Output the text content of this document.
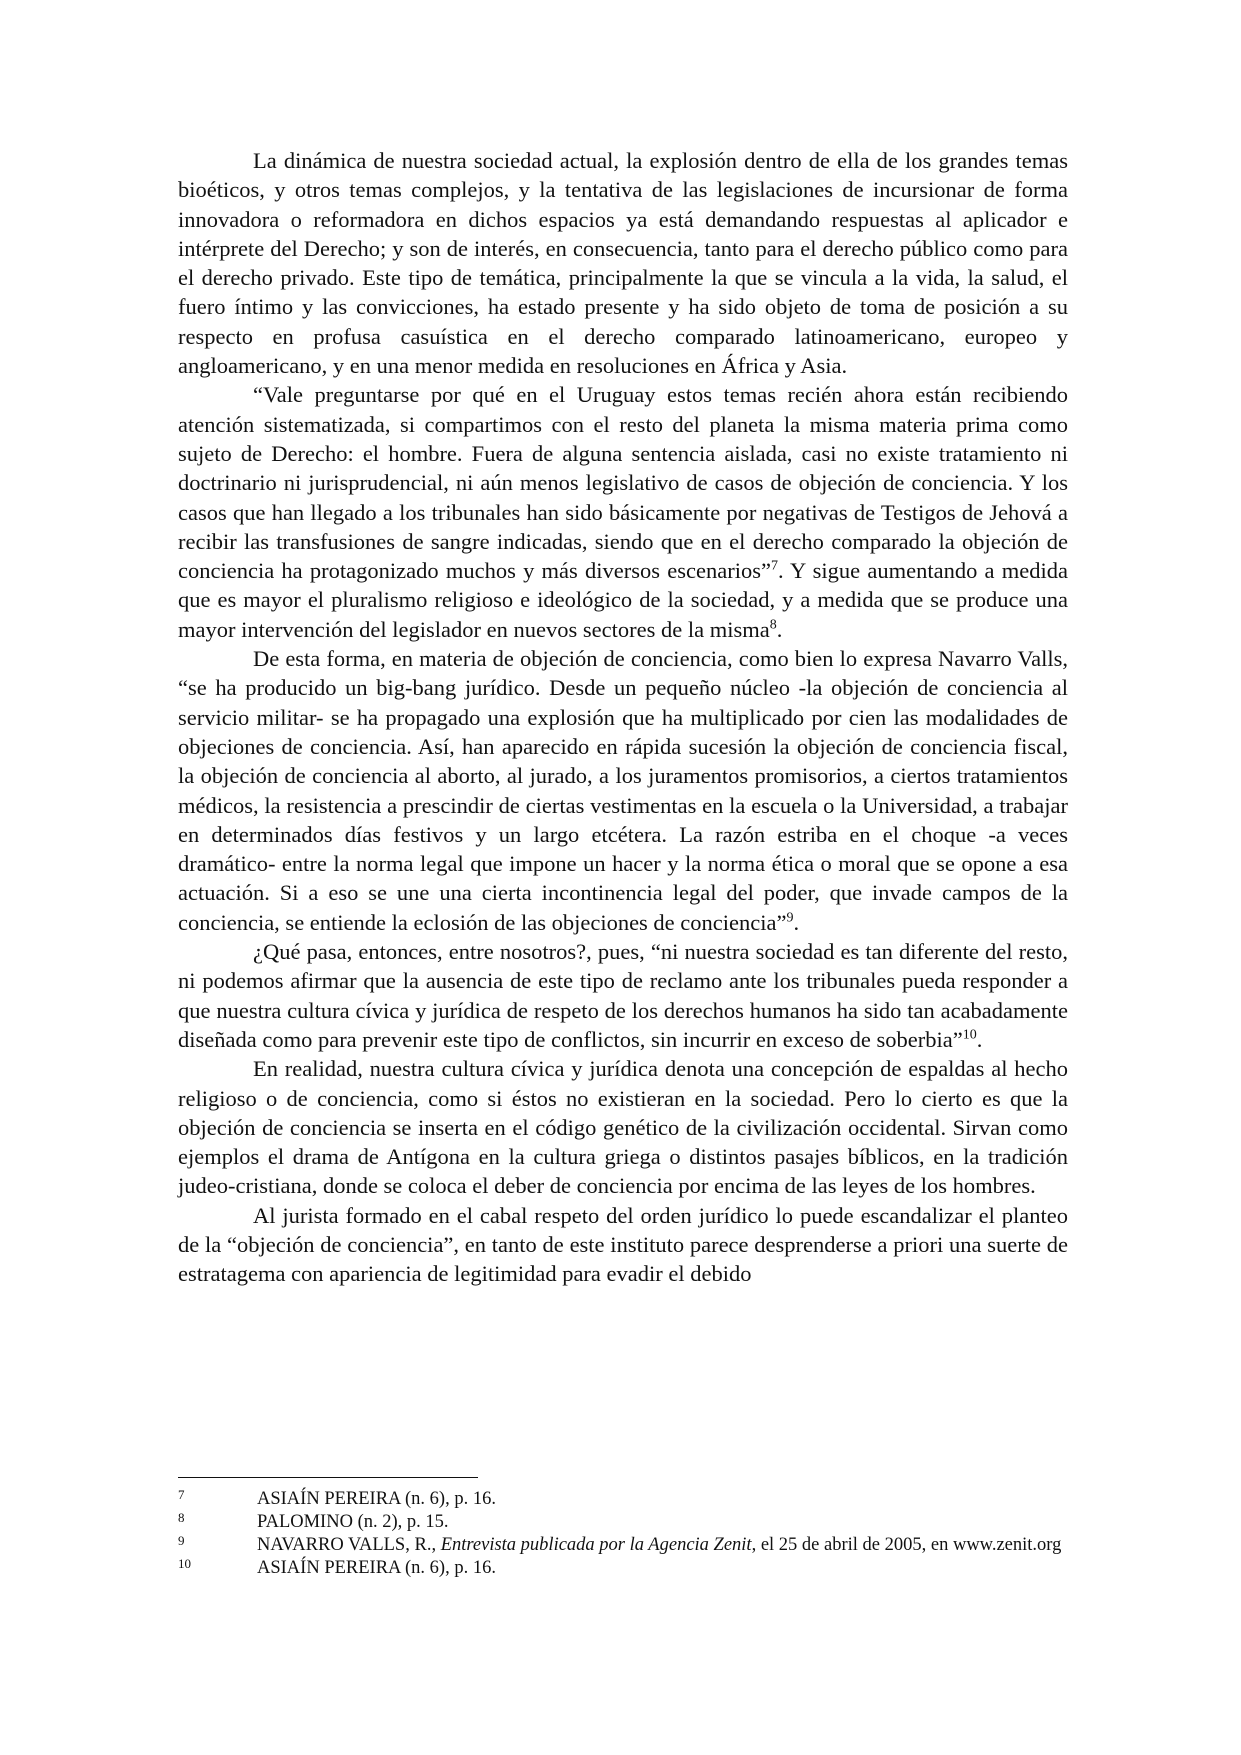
La dinámica de nuestra sociedad actual, la explosión dentro de ella de los grandes temas bioéticos, y otros temas complejos, y la tentativa de las legislaciones de incursionar de forma innovadora o reformadora en dichos espacios ya está demandando respuestas al aplicador e intérprete del Derecho; y son de interés, en consecuencia, tanto para el derecho público como para el derecho privado. Este tipo de temática, principalmente la que se vincula a la vida, la salud, el fuero íntimo y las convicciones, ha estado presente y ha sido objeto de toma de posición a su respecto en profusa casuística en el derecho comparado latinoamericano, europeo y angloamericano, y en una menor medida en resoluciones en África y Asia.

“Vale preguntarse por qué en el Uruguay estos temas recién ahora están recibiendo atención sistematizada, si compartimos con el resto del planeta la misma materia prima como sujeto de Derecho: el hombre. Fuera de alguna sentencia aislada, casi no existe tratamiento ni doctrinario ni jurisprudencial, ni aún menos legislativo de casos de objeción de conciencia. Y los casos que han llegado a los tribunales han sido básicamente por negativas de Testigos de Jehová a recibir las transfusiones de sangre indicadas, siendo que en el derecho comparado la objeción de conciencia ha protagonizado muchos y más diversos escenarios”$^7$. Y sigue aumentando a medida que es mayor el pluralismo religioso e ideológico de la sociedad, y a medida que se produce una mayor intervención del legislador en nuevos sectores de la misma$^8$.

De esta forma, en materia de objeción de conciencia, como bien lo expresa Navarro Valls, “se ha producido un big-bang jurídico. Desde un pequeño núcleo -la objeción de conciencia al servicio militar- se ha propagado una explosión que ha multiplicado por cien las modalidades de objeciones de conciencia. Así, han aparecido en rápida sucesión la objeción de conciencia fiscal, la objeción de conciencia al aborto, al jurado, a los juramentos promisorios, a ciertos tratamientos médicos, la resistencia a prescindir de ciertas vestimentas en la escuela o la Universidad, a trabajar en determinados días festivos y un largo etcétera. La razón estriba en el choque -a veces dramático- entre la norma legal que impone un hacer y la norma ética o moral que se opone a esa actuación. Si a eso se une una cierta incontinencia legal del poder, que invade campos de la conciencia, se entiende la eclosión de las objeciones de conciencia”$^9$.

¿Qué pasa, entonces, entre nosotros?, pues, “ni nuestra sociedad es tan diferente del resto, ni podemos afirmar que la ausencia de este tipo de reclamo ante los tribunales pueda responder a que nuestra cultura cívica y jurídica de respeto de los derechos humanos ha sido tan acabadamente diseñada como para prevenir este tipo de conflictos, sin incurrir en exceso de soberbia”$^{10}$.

En realidad, nuestra cultura cívica y jurídica denota una concepción de espaldas al hecho religioso o de conciencia, como si éstos no existieran en la sociedad. Pero lo cierto es que la objeción de conciencia se inserta en el código genético de la civilización occidental. Sirvan como ejemplos el drama de Antígona en la cultura griega o distintos pasajes bíblicos, en la tradición judeo-cristiana, donde se coloca el deber de conciencia por encima de las leyes de los hombres.

Al jurista formado en el cabal respeto del orden jurídico lo puede escandalizar el planteo de la “objeción de conciencia”, en tanto de este instituto parece desprenderse a priori una suerte de estratagema con apariencia de legitimidad para evadir el debido

7	ASIAÍN PEREIRA (n. 6), p. 16.
8	PALOMINO (n. 2), p. 15.
9	NAVARRO VALLS, R., Entrevista publicada por la Agencia Zenit, el 25 de abril de 2005, en www.zenit.org
10	ASIAÍN PEREIRA (n. 6), p. 16.
